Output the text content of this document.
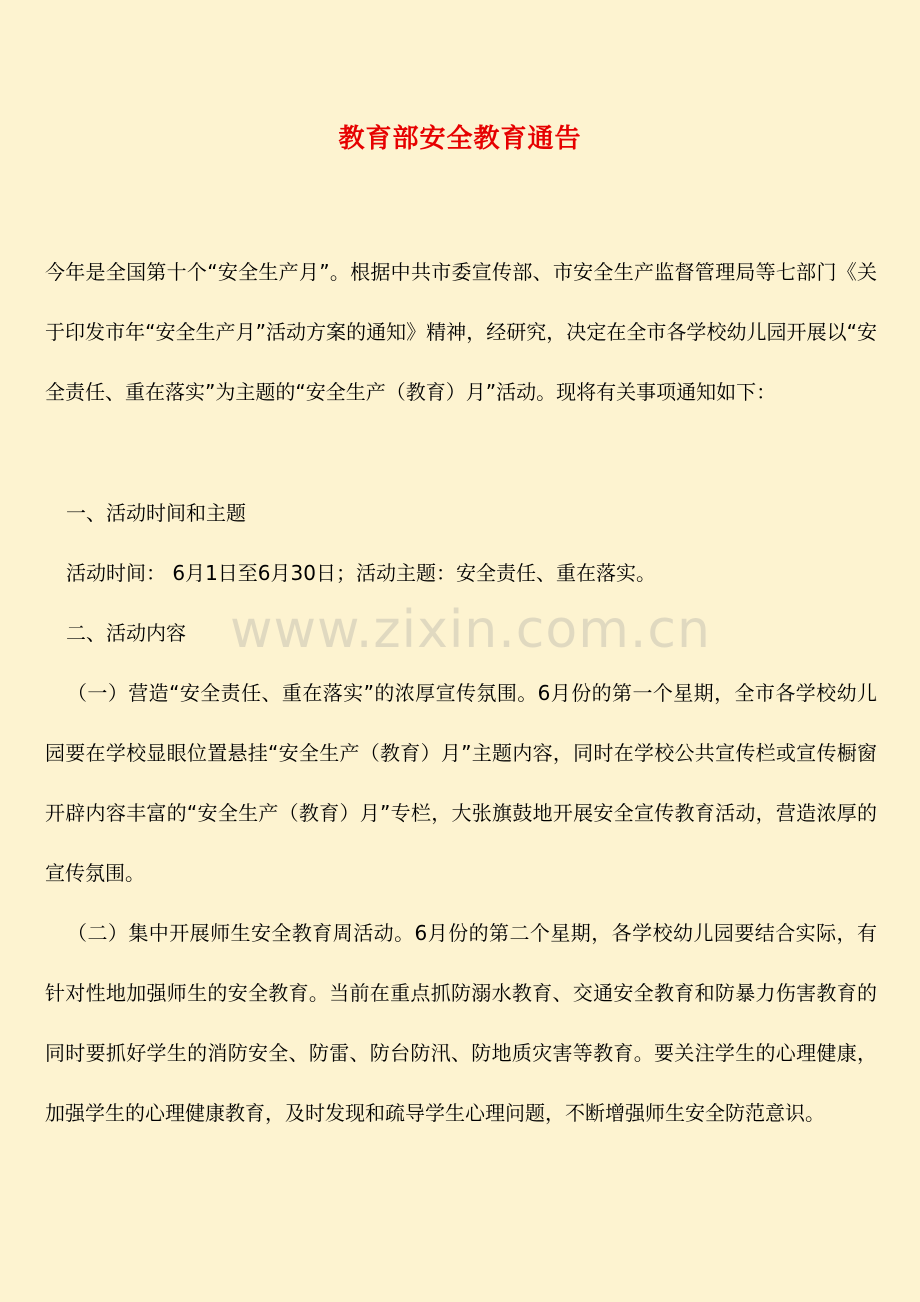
教育部安全教育通告

今年是全国第十个“安全生产月”。根据中共市委宣传部、市安全生产监督管理局等七部门《关于印发市年“安全生产月”活动方案的通知》精神，经研究，决定在全市各学校幼儿园开展以“安全责任、重在落实”为主题的“安全生产（教育）月”活动。现将有关事项通知如下：

一、活动时间和主题

活动时间： 6月1日至6月30日；活动主题：安全责任、重在落实。

二、活动内容

（一）营造“安全责任、重在落实”的浓厚宣传氛围。6月份的第一个星期，全市各学校幼儿园要在学校显眼位置悬挂“安全生产（教育）月”主题内容，同时在学校公共宣传栏或宣传橱窗开辟内容丰富的“安全生产（教育）月”专栏，大张旗鼓地开展安全宣传教育活动，营造浓厚的宣传氛围。

（二）集中开展师生安全教育周活动。6月份的第二个星期，各学校幼儿园要结合实际，有针对性地加强师生的安全教育。当前在重点抓防溺水教育、交通安全教育和防暴力伤害教育的同时要抓好学生的消防安全、防雷、防台防汛、防地质灾害等教育。要关注学生的心理健康，加强学生的心理健康教育，及时发现和疏导学生心理问题，不断增强师生安全防范意识。

www.zixin.com.cn
